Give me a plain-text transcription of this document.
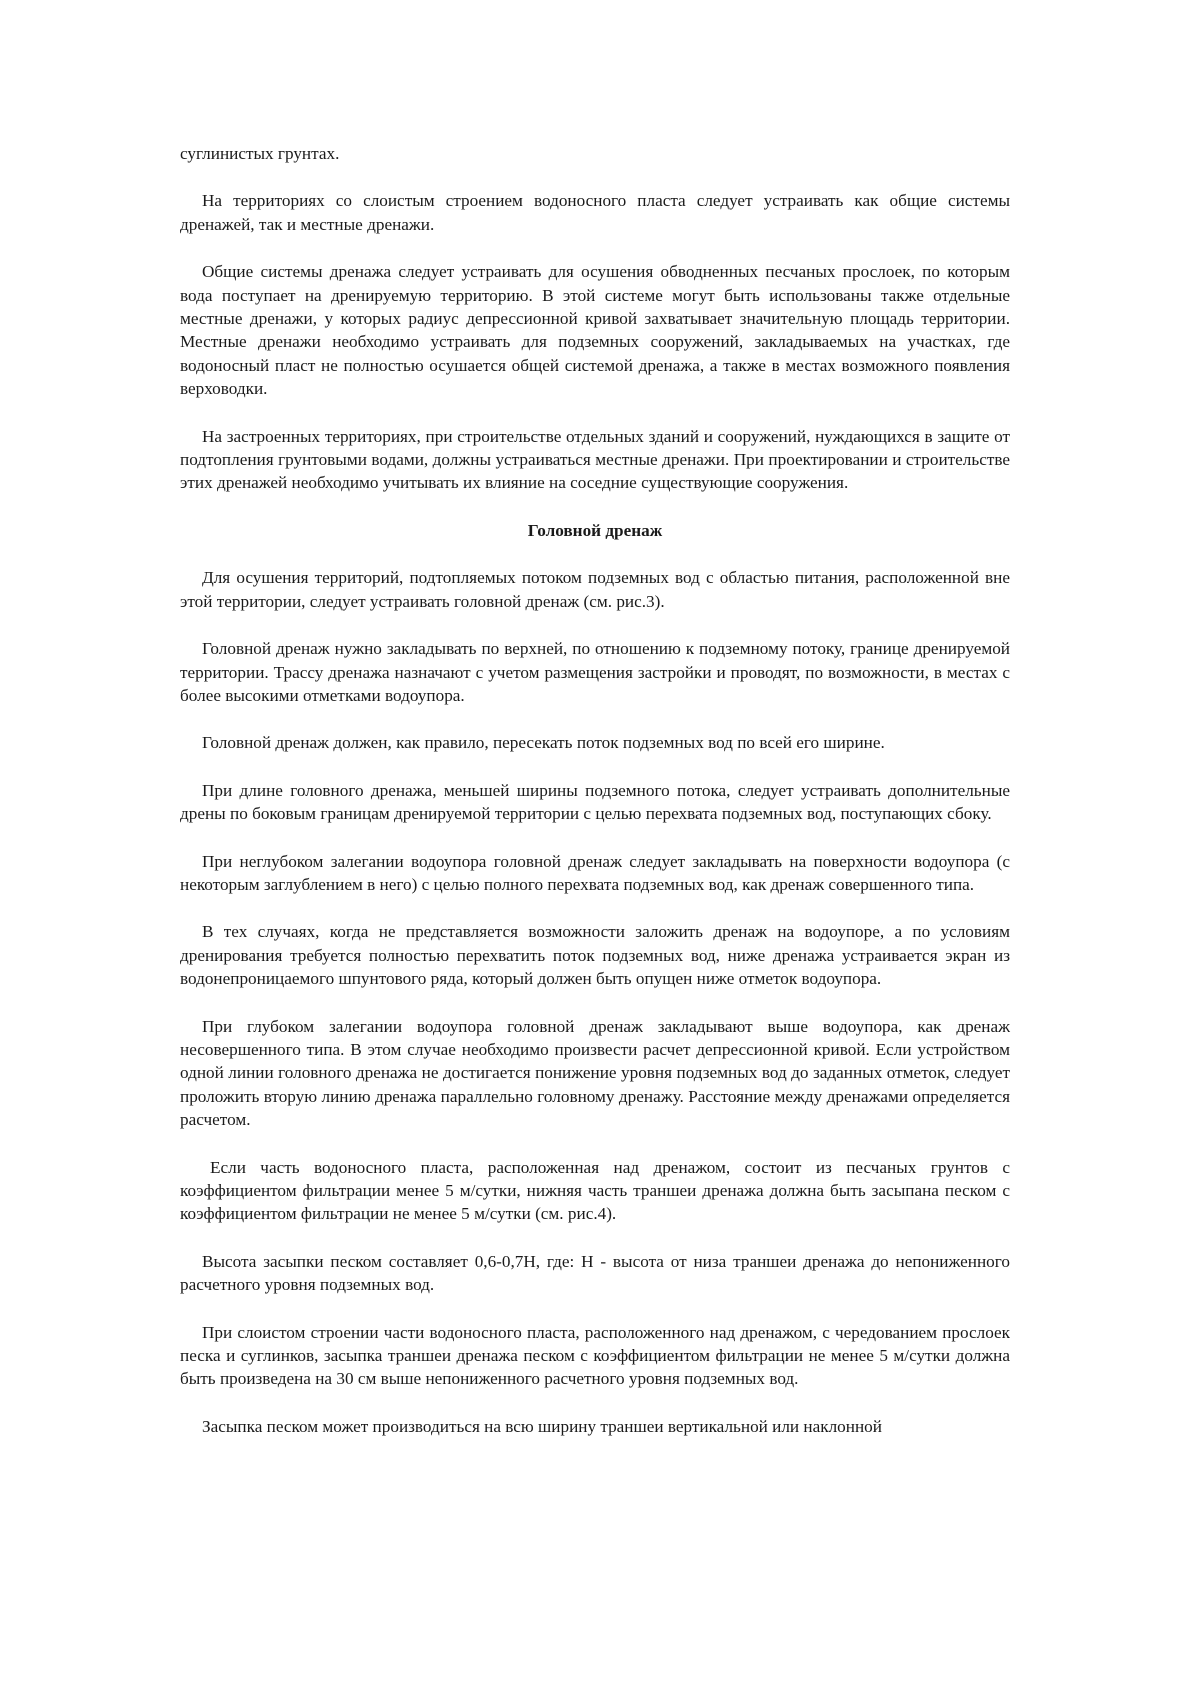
суглинистых грунтах.

На территориях со слоистым строением водоносного пласта следует устраивать как общие системы дренажей, так и местные дренажи.

Общие системы дренажа следует устраивать для осушения обводненных песчаных прослоек, по которым вода поступает на дренируемую территорию. В этой системе могут быть использованы также отдельные местные дренажи, у которых радиус депрессионной кривой захватывает значительную площадь территории. Местные дренажи необходимо устраивать для подземных сооружений, закладываемых на участках, где водоносный пласт не полностью осушается общей системой дренажа, а также в местах возможного появления верховодки.

На застроенных территориях, при строительстве отдельных зданий и сооружений, нуждающихся в защите от подтопления грунтовыми водами, должны устраиваться местные дренажи. При проектировании и строительстве этих дренажей необходимо учитывать их влияние на соседние существующие сооружения.

Головной дренаж

Для осушения территорий, подтопляемых потоком подземных вод с областью питания, расположенной вне этой территории, следует устраивать головной дренаж (см. рис.3).

Головной дренаж нужно закладывать по верхней, по отношению к подземному потоку, границе дренируемой территории. Трассу дренажа назначают с учетом размещения застройки и проводят, по возможности, в местах с более высокими отметками водоупора.

Головной дренаж должен, как правило, пересекать поток подземных вод по всей его ширине.

При длине головного дренажа, меньшей ширины подземного потока, следует устраивать дополнительные дрены по боковым границам дренируемой территории с целью перехвата подземных вод, поступающих сбоку.

При неглубоком залегании водоупора головной дренаж следует закладывать на поверхности водоупора (с некоторым заглублением в него) с целью полного перехвата подземных вод, как дренаж совершенного типа.

В тех случаях, когда не представляется возможности заложить дренаж на водоупоре, а по условиям дренирования требуется полностью перехватить поток подземных вод, ниже дренажа устраивается экран из водонепроницаемого шпунтового ряда, который должен быть опущен ниже отметок водоупора.

При глубоком залегании водоупора головной дренаж закладывают выше водоупора, как дренаж несовершенного типа. В этом случае необходимо произвести расчет депрессионной кривой. Если устройством одной линии головного дренажа не достигается понижение уровня подземных вод до заданных отметок, следует проложить вторую линию дренажа параллельно головному дренажу. Расстояние между дренажами определяется расчетом.

Если часть водоносного пласта, расположенная над дренажом, состоит из песчаных грунтов с коэффициентом фильтрации менее 5 м/сутки, нижняя часть траншеи дренажа должна быть засыпана песком с коэффициентом фильтрации не менее 5 м/сутки (см. рис.4).

Высота засыпки песком составляет 0,6-0,7Н, где: Н - высота от низа траншеи дренажа до непониженного расчетного уровня подземных вод.

При слоистом строении части водоносного пласта, расположенного над дренажом, с чередованием прослоек песка и суглинков, засыпка траншеи дренажа песком с коэффициентом фильтрации не менее 5 м/сутки должна быть произведена на 30 см выше непониженного расчетного уровня подземных вод.

Засыпка песком может производиться на всю ширину траншеи вертикальной или наклонной
